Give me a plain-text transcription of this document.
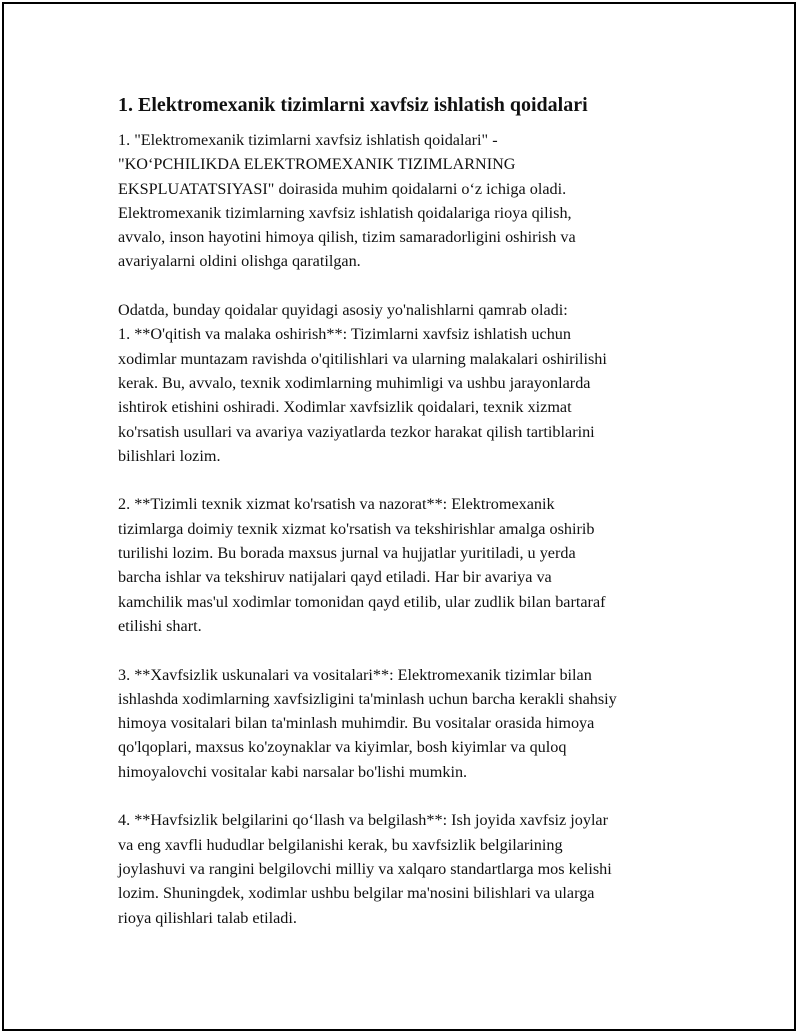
1. Elektromexanik tizimlarni xavfsiz ishlatish qoidalari
1. "Elektromexanik tizimlarni xavfsiz ishlatish qoidalari" -
"KOʻPCHILIKDA ELEKTROMEXANIK TIZIMLARNING
EKSPLUATATSIYASI" doirasida muhim qoidalarni oʻz ichiga oladi.
Elektromexanik tizimlarning xavfsiz ishlatish qoidalariga rioya qilish,
avvalo, inson hayotini himoya qilish, tizim samaradorligini oshirish va
avariyalarni oldini olishga qaratilgan.
Odatda, bunday qoidalar quyidagi asosiy yo'nalishlarni qamrab oladi:
1. **O'qitish va malaka oshirish**: Tizimlarni xavfsiz ishlatish uchun
xodimlar muntazam ravishda o'qitilishlari va ularning malakalari oshirilishi
kerak. Bu, avvalo, texnik xodimlarning muhimligi va ushbu jarayonlarda
ishtirok etishini oshiradi. Xodimlar xavfsizlik qoidalari, texnik xizmat
ko'rsatish usullari va avariya vaziyatlarda tezkor harakat qilish tartiblarini
bilishlari lozim.
2. **Tizimli texnik xizmat ko'rsatish va nazorat**: Elektromexanik
tizimlarga doimiy texnik xizmat ko'rsatish va tekshirishlar amalga oshirib
turilishi lozim. Bu borada maxsus jurnal va hujjatlar yuritiladi, u yerda
barcha ishlar va tekshiruv natijalari qayd etiladi. Har bir avariya va
kamchilik mas'ul xodimlar tomonidan qayd etilib, ular zudlik bilan bartaraf
etilishi shart.
3. **Xavfsizlik uskunalari va vositalari**: Elektromexanik tizimlar bilan
ishlashda xodimlarning xavfsizligini ta'minlash uchun barcha kerakli shahsiy
himoya vositalari bilan ta'minlash muhimdir. Bu vositalar orasida himoya
qo'lqoplari, maxsus ko'zoynaklar va kiyimlar, bosh kiyimlar va quloq
himoyalovchi vositalar kabi narsalar bo'lishi mumkin.
4. **Havfsizlik belgilarini qoʻllash va belgilash**: Ish joyida xavfsiz joylar
va eng xavfli hududlar belgilanishi kerak, bu xavfsizlik belgilarining
joylashuvi va rangini belgilovchi milliy va xalqaro standartlarga mos kelishi
lozim. Shuningdek, xodimlar ushbu belgilar ma'nosini bilishlari va ularga
rioya qilishlari talab etiladi.
